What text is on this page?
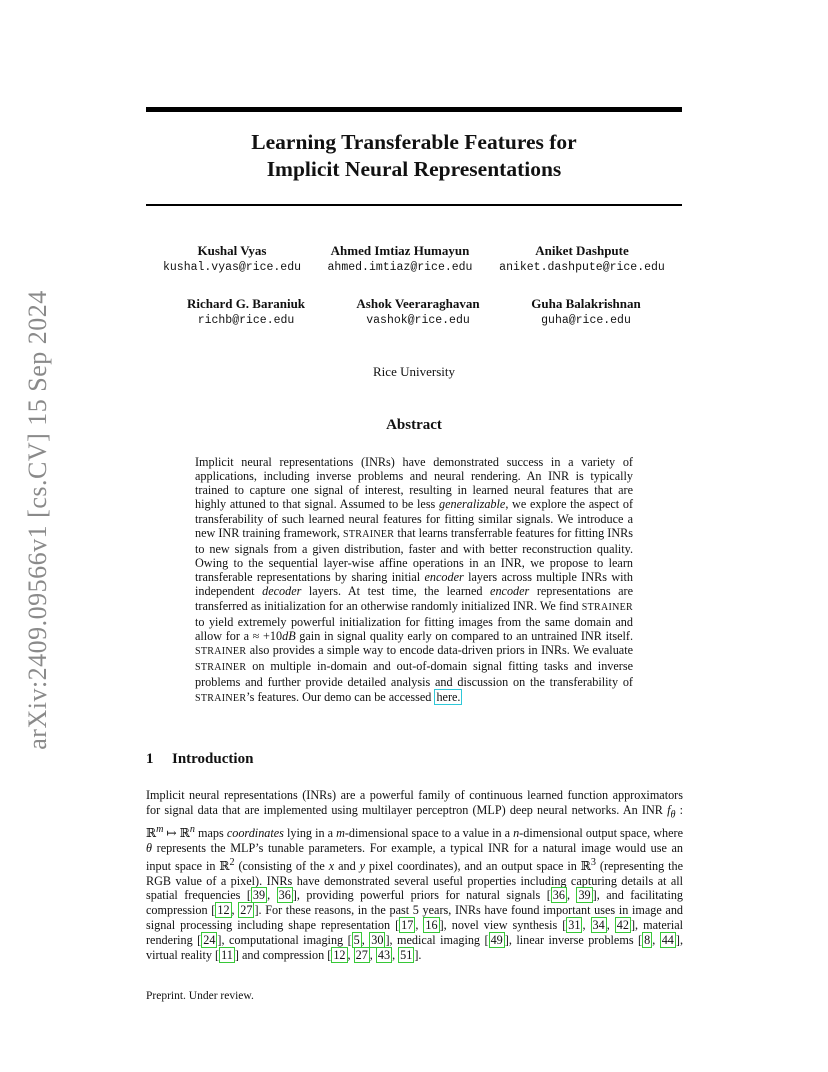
arXiv:2409.09566v1 [cs.CV] 15 Sep 2024
Learning Transferable Features for
Implicit Neural Representations
Kushal Vyas
kushal.vyas@rice.edu
Ahmed Imtiaz Humayun
ahmed.imtiaz@rice.edu
Aniket Dashpute
aniket.dashpute@rice.edu
Richard G. Baraniuk
richb@rice.edu
Ashok Veeraraghavan
vashok@rice.edu
Guha Balakrishnan
guha@rice.edu
Rice University
Abstract
Implicit neural representations (INRs) have demonstrated success in a variety of applications, including inverse problems and neural rendering. An INR is typically trained to capture one signal of interest, resulting in learned neural features that are highly attuned to that signal. Assumed to be less generalizable, we explore the aspect of transferability of such learned neural features for fitting similar signals. We introduce a new INR training framework, STRAINER that learns transferrable features for fitting INRs to new signals from a given distribution, faster and with better reconstruction quality. Owing to the sequential layer-wise affine operations in an INR, we propose to learn transferable representations by sharing initial encoder layers across multiple INRs with independent decoder layers. At test time, the learned encoder representations are transferred as initialization for an otherwise randomly initialized INR. We find STRAINER to yield extremely powerful initialization for fitting images from the same domain and allow for a ≈ +10dB gain in signal quality early on compared to an untrained INR itself. STRAINER also provides a simple way to encode data-driven priors in INRs. We evaluate STRAINER on multiple in-domain and out-of-domain signal fitting tasks and inverse problems and further provide detailed analysis and discussion on the transferability of STRAINER’s features. Our demo can be accessed here.
1 Introduction
Implicit neural representations (INRs) are a powerful family of continuous learned function approximators for signal data that are implemented using multilayer perceptron (MLP) deep neural networks. An INR $f_\theta$ : ℝ$^m$ ↦ ℝ$^n$ maps coordinates lying in a m-dimensional space to a value in a n-dimensional output space, where θ represents the MLP’s tunable parameters. For example, a typical INR for a natural image would use an input space in ℝ$^2$ (consisting of the x and y pixel coordinates), and an output space in ℝ$^3$ (representing the RGB value of a pixel). INRs have demonstrated several useful properties including capturing details at all spatial frequencies [ 39 , 36 ], providing powerful priors for natural signals [ 36 , 39 ], and facilitating compression [ 12 , 27 ]. For these reasons, in the past 5 years, INRs have found important uses in image and signal processing including shape representation [ 17 , 16 ], novel view synthesis [ 31 , 34 , 42 ], material rendering [ 24 ], computational imaging [ 5 , 30 ], medical imaging [ 49 ], linear inverse problems [ 8 , 44 ], virtual reality [ 11 ] and compression [ 12 , 27 , 43 , 51 ].
Preprint. Under review.
